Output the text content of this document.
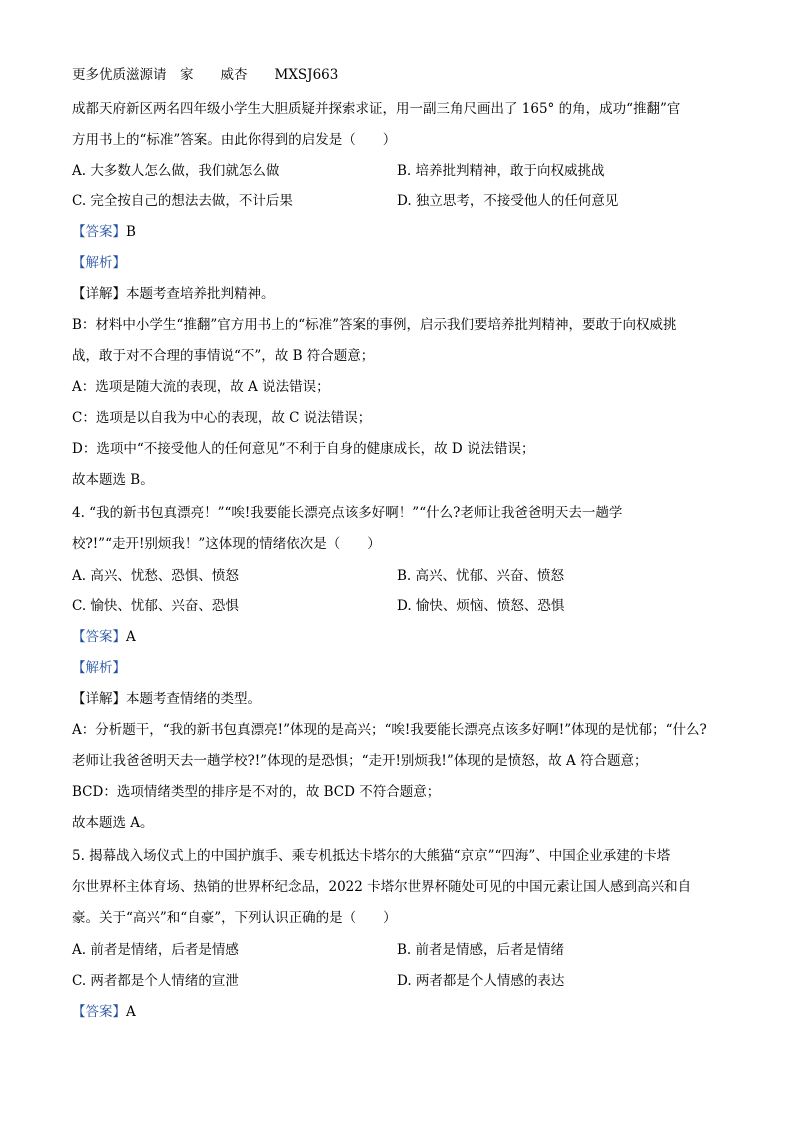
更多优质滋源请　家　　威杏　　MXSJ663
成都天府新区两名四年级小学生大胆质疑并探索求证，用一副三角尺画出了 165° 的角，成功“推翻”官
方用书上的“标准”答案。由此你得到的启发是（　　）
A. 大多数人怎么做，我们就怎么做	B. 培养批判精神，敢于向权威挑战
C. 完全按自己的想法去做，不计后果	D. 独立思考，不接受他人的任何意见
【答案】B
【解析】
【详解】本题考查培养批判精神。
B：材料中小学生“推翻”官方用书上的“标准”答案的事例，启示我们要培养批判精神，要敢于向权威挑
战，敢于对不合理的事情说“不”，故 B 符合题意；
A：选项是随大流的表现，故 A 说法错误；
C：选项是以自我为中心的表现，故 C 说法错误；
D：选项中“不接受他人的任何意见”不利于自身的健康成长，故 D 说法错误；
故本题选 B。
4. “我的新书包真漂亮！”“唉!我要能长漂亮点该多好啊！”“什么?老师让我爸爸明天去一趟学
校?!”“走开!别烦我！”这体现的情绪依次是（　　）
A. 高兴、忧愁、恐惧、愤怒	B. 高兴、忧郁、兴奋、愤怒
C. 愉快、忧郁、兴奋、恐惧	D. 愉快、烦恼、愤怒、恐惧
【答案】A
【解析】
【详解】本题考查情绪的类型。
A：分析题干，“我的新书包真漂亮!”体现的是高兴；“唉!我要能长漂亮点该多好啊!”体现的是忧郁；“什么?
老师让我爸爸明天去一趟学校?!”体现的是恐惧；“走开!别烦我!”体现的是愤怒，故 A 符合题意；
BCD：选项情绪类型的排序是不对的，故 BCD 不符合题意；
故本题选 A。
5. 揭幕战入场仪式上的中国护旗手、乘专机抵达卡塔尔的大熊猫“京京”“四海”、中国企业承建的卡塔
尔世界杯主体育场、热销的世界杯纪念品，2022 卡塔尔世界杯随处可见的中国元素让国人感到高兴和自
豪。关于“高兴”和“自豪”，下列认识正确的是（　　）
A. 前者是情绪，后者是情感	B. 前者是情感，后者是情绪
C. 两者都是个人情绪的宣泄	D. 两者都是个人情感的表达
【答案】A
